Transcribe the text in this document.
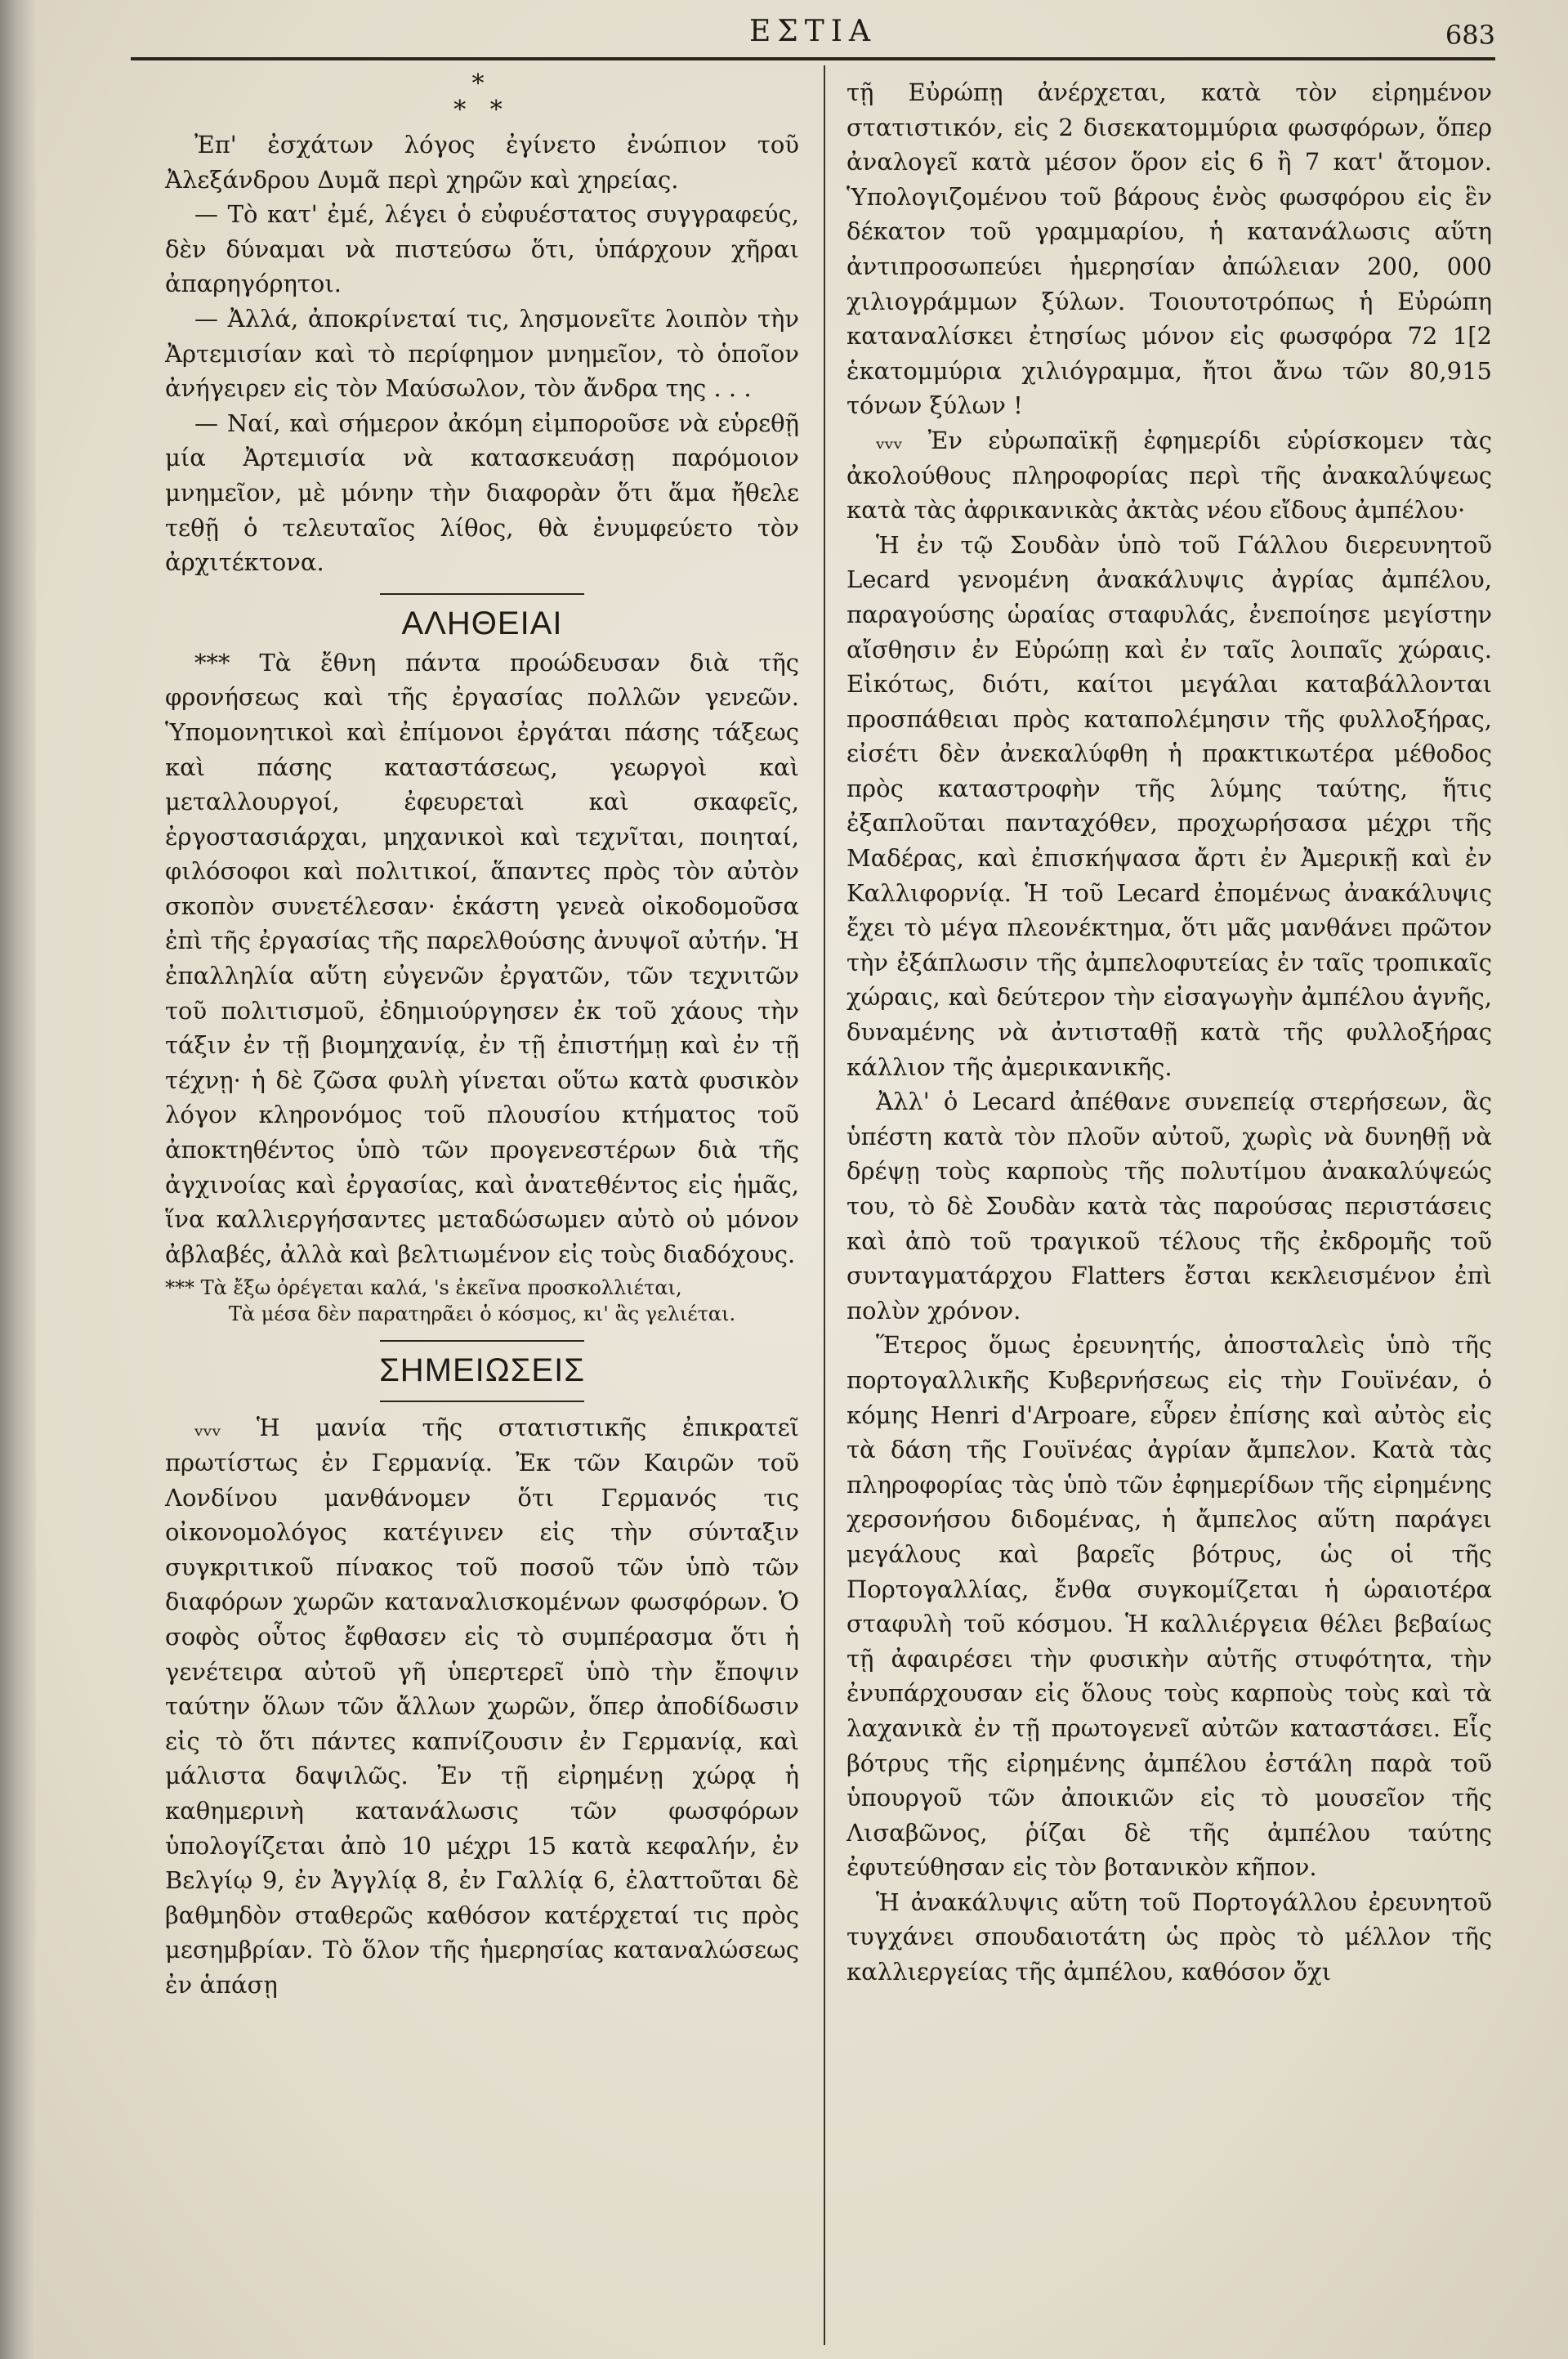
ΕΣΤΙΑ	683
*
* *

Ἐπ' ἐσχάτων λόγος ἐγίνετο ἐνώπιον τοῦ Ἀλεξάνδρου Δυμᾶ περὶ χηρῶν καὶ χηρείας.

— Τὸ κατ' ἐμέ, λέγει ὁ εὐφυέστατος συγγραφεύς, δὲν δύναμαι νὰ πιστεύσω ὅτι, ὑπάρχουν χῆραι ἀπαρηγόρητοι.

— Ἀλλά, ἀποκρίνεταί τις, λησμονεῖτε λοιπὸν τὴν Ἀρτεμισίαν καὶ τὸ περίφημον μνημεῖον, τὸ ὁποῖον ἀνήγειρεν εἰς τὸν Μαύσωλον, τὸν ἄνδρα της . . .

— Ναί, καὶ σήμερον ἀκόμη εἰμποροῦσε νὰ εὑρεθῇ μία Ἀρτεμισία νὰ κατασκευάσῃ παρόμοιον μνημεῖον, μὲ μόνην τὴν διαφορὰν ὅτι ἅμα ἤθελε τεθῇ ὁ τελευταῖος λίθος, θὰ ἐνυμφεύετο τὸν ἀρχιτέκτονα.

ΑΛΗΘΕΙΑΙ

*** Τὰ ἔθνη πάντα προώδευσαν διὰ τῆς φρονήσεως καὶ τῆς ἐργασίας πολλῶν γενεῶν. Ὑπομονητικοὶ καὶ ἐπίμονοι ἐργάται πάσης τάξεως καὶ πάσης καταστάσεως, γεωργοὶ καὶ μεταλλουργοί, ἐφευρεταὶ καὶ σκαφεῖς, ἐργοστασιάρχαι, μηχανικοὶ καὶ τεχνῖται, ποιηταί, φιλόσοφοι καὶ πολιτικοί, ἅπαντες πρὸς τὸν αὐτὸν σκοπὸν συνετέλεσαν· ἑκάστη γενεὰ οἰκοδομοῦσα ἐπὶ τῆς ἐργασίας τῆς παρελθούσης ἀνυψοῖ αὐτήν. Ἡ ἐπαλληλία αὕτη εὐγενῶν ἐργατῶν, τῶν τεχνιτῶν τοῦ πολιτισμοῦ, ἐδημιούργησεν ἐκ τοῦ χάους τὴν τάξιν ἐν τῇ βιομηχανίᾳ, ἐν τῇ ἐπιστήμῃ καὶ ἐν τῇ τέχνῃ· ἡ δὲ ζῶσα φυλὴ γίνεται οὕτω κατὰ φυσικὸν λόγον κληρονόμος τοῦ πλουσίου κτήματος τοῦ ἀποκτηθέντος ὑπὸ τῶν προγενεστέρων διὰ τῆς ἀγχινοίας καὶ ἐργασίας, καὶ ἀνατεθέντος εἰς ἡμᾶς, ἵνα καλλιεργήσαντες μεταδώσωμεν αὐτὸ οὐ μόνον ἀβλαβές, ἀλλὰ καὶ βελτιωμένον εἰς τοὺς διαδόχους.

*** Τὰ ἔξω ὀρέγεται καλά, 's ἐκεῖνα προσκολλιέται,

Τὰ μέσα δὲν παρατηρᾶει ὁ κόσμος, κι' ἂς γελιέται.

ΣΗΜΕΙΩΣΕΙΣ

ᵥᵥᵥ Ἡ μανία τῆς στατιστικῆς ἐπικρατεῖ πρωτίστως ἐν Γερμανίᾳ. Ἐκ τῶν Καιρῶν τοῦ Λονδίνου μανθάνομεν ὅτι Γερμανός τις οἰκονομολόγος κατέγινεν εἰς τὴν σύνταξιν συγκριτικοῦ πίνακος τοῦ ποσοῦ τῶν ὑπὸ τῶν διαφόρων χωρῶν καταναλισκομένων φωσφόρων. Ὁ σοφὸς οὗτος ἔφθασεν εἰς τὸ συμπέρασμα ὅτι ἡ γενέτειρα αὐτοῦ γῆ ὑπερτερεῖ ὑπὸ τὴν ἔποψιν ταύτην ὅλων τῶν ἄλλων χωρῶν, ὅπερ ἀποδίδωσιν εἰς τὸ ὅτι πάντες καπνίζουσιν ἐν Γερμανίᾳ, καὶ μάλιστα δαψιλῶς. Ἐν τῇ εἰρημένῃ χώρᾳ ἡ καθημερινὴ κατανάλωσις τῶν φωσφόρων ὑπολογίζεται ἀπὸ 10 μέχρι 15 κατὰ κεφαλήν, ἐν Βελγίῳ 9, ἐν Ἀγγλίᾳ 8, ἐν Γαλλίᾳ 6, ἐλαττοῦται δὲ βαθμηδὸν σταθερῶς καθόσον κατέρχεταί τις πρὸς μεσημβρίαν. Τὸ ὅλον τῆς ἡμερησίας καταναλώσεως ἐν ἁπάσῃ

τῇ Εὐρώπῃ ἀνέρχεται, κατὰ τὸν εἰρημένον στατιστικόν, εἰς 2 δισεκατομμύρια φωσφόρων, ὅπερ ἀναλογεῖ κατὰ μέσον ὅρον εἰς 6 ἢ 7 κατ' ἄτομον. Ὑπολογιζομένου τοῦ βάρους ἑνὸς φωσφόρου εἰς ἓν δέκατον τοῦ γραμμαρίου, ἡ κατανάλωσις αὕτη ἀντιπροσωπεύει ἡμερησίαν ἀπώλειαν 200, 000 χιλιογράμμων ξύλων. Τοιουτοτρόπως ἡ Εὐρώπη καταναλίσκει ἐτησίως μόνον εἰς φωσφόρα 72 1[2 ἑκατομμύρια χιλιόγραμμα, ἤτοι ἄνω τῶν 80,915 τόνων ξύλων !

ᵥᵥᵥ Ἐν εὐρωπαϊκῇ ἐφημερίδι εὑρίσκομεν τὰς ἀκολούθους πληροφορίας περὶ τῆς ἀνακαλύψεως κατὰ τὰς ἀφρικανικὰς ἀκτὰς νέου εἴδους ἀμπέλου·

Ἡ ἐν τῷ Σουδὰν ὑπὸ τοῦ Γάλλου διερευνητοῦ Lecard γενομένη ἀνακάλυψις ἀγρίας ἀμπέλου, παραγούσης ὡραίας σταφυλάς, ἐνεποίησε μεγίστην αἴσθησιν ἐν Εὐρώπῃ καὶ ἐν ταῖς λοιπαῖς χώραις. Εἰκότως, διότι, καίτοι μεγάλαι καταβάλλονται προσπάθειαι πρὸς καταπολέμησιν τῆς φυλλοξήρας, εἰσέτι δὲν ἀνεκαλύφθη ἡ πρακτικωτέρα μέθοδος πρὸς καταστροφὴν τῆς λύμης ταύτης, ἥτις ἐξαπλοῦται πανταχόθεν, προχωρήσασα μέχρι τῆς Μαδέρας, καὶ ἐπισκήψασα ἄρτι ἐν Ἀμερικῇ καὶ ἐν Καλλιφορνίᾳ. Ἡ τοῦ Lecard ἐπομένως ἀνακάλυψις ἔχει τὸ μέγα πλεονέκτημα, ὅτι μᾶς μανθάνει πρῶτον τὴν ἐξάπλωσιν τῆς ἀμπελοφυτείας ἐν ταῖς τροπικαῖς χώραις, καὶ δεύτερον τὴν εἰσαγωγὴν ἀμπέλου ἁγνῆς, δυναμένης νὰ ἀντισταθῇ κατὰ τῆς φυλλοξήρας κάλλιον τῆς ἀμερικανικῆς.

Ἀλλ' ὁ Lecard ἀπέθανε συνεπείᾳ στερήσεων, ἃς ὑπέστη κατὰ τὸν πλοῦν αὐτοῦ, χωρὶς νὰ δυνηθῇ νὰ δρέψῃ τοὺς καρποὺς τῆς πολυτίμου ἀνακαλύψεώς του, τὸ δὲ Σουδὰν κατὰ τὰς παρούσας περιστάσεις καὶ ἀπὸ τοῦ τραγικοῦ τέλους τῆς ἐκδρομῆς τοῦ συνταγματάρχου Flatters ἔσται κεκλεισμένον ἐπὶ πολὺν χρόνον.

Ἕτερος ὅμως ἐρευνητής, ἀποσταλεὶς ὑπὸ τῆς πορτογαλλικῆς Κυβερνήσεως εἰς τὴν Γουϊνέαν, ὁ κόμης Henri d'Arpoare, εὗρεν ἐπίσης καὶ αὐτὸς εἰς τὰ δάση τῆς Γουϊνέας ἀγρίαν ἄμπελον. Κατὰ τὰς πληροφορίας τὰς ὑπὸ τῶν ἐφημερίδων τῆς εἰρημένης χερσονήσου διδομένας, ἡ ἄμπελος αὕτη παράγει μεγάλους καὶ βαρεῖς βότρυς, ὡς οἱ τῆς Πορτογαλλίας, ἔνθα συγκομίζεται ἡ ὡραιοτέρα σταφυλὴ τοῦ κόσμου. Ἡ καλλιέργεια θέλει βεβαίως τῇ ἀφαιρέσει τὴν φυσικὴν αὐτῆς στυφότητα, τὴν ἐνυπάρχουσαν εἰς ὅλους τοὺς καρποὺς τοὺς καὶ τὰ λαχανικὰ ἐν τῇ πρωτογενεῖ αὐτῶν καταστάσει. Εἷς βότρυς τῆς εἰρημένης ἀμπέλου ἐστάλη παρὰ τοῦ ὑπουργοῦ τῶν ἀποικιῶν εἰς τὸ μουσεῖον τῆς Λισαβῶνος, ῥίζαι δὲ τῆς ἀμπέλου ταύτης ἐφυτεύθησαν εἰς τὸν βοτανικὸν κῆπον.

Ἡ ἀνακάλυψις αὕτη τοῦ Πορτογάλλου ἐρευνητοῦ τυγχάνει σπουδαιοτάτη ὡς πρὸς τὸ μέλλον τῆς καλλιεργείας τῆς ἀμπέλου, καθόσον ὄχι
